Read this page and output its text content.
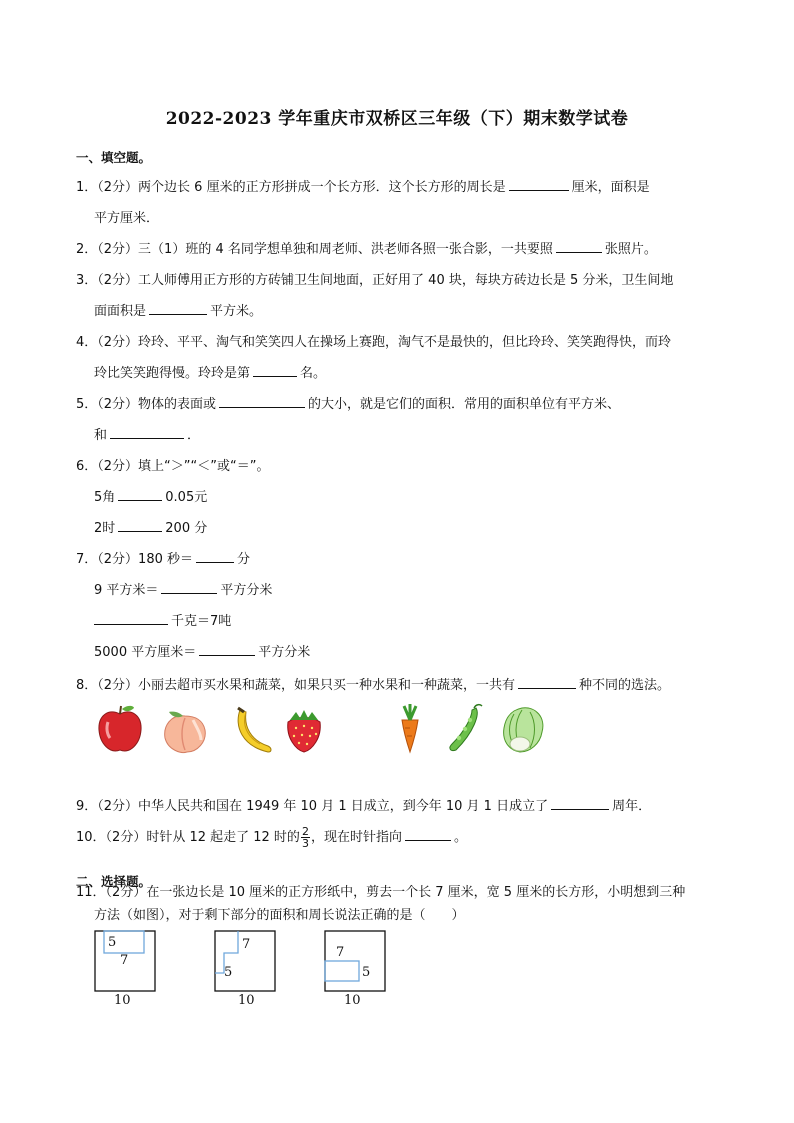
2022-2023 学年重庆市双桥区三年级（下）期末数学试卷
一、填空题。
1．（2分）两个边长 6 厘米的正方形拼成一个长方形．这个长方形的周长是	厘米，面积是
平方厘米．
2．（2分）三（1）班的 4 名同学想单独和周老师、洪老师各照一张合影，一共要照	张照片。
3．（2分）工人师傅用正方形的方砖铺卫生间地面，正好用了 40 块，每块方砖边长是 5 分米，卫生间地
面面积是	平方米。
4．（2分）玲玲、平平、淘气和笑笑四人在操场上赛跑，淘气不是最快的，但比玲玲、笑笑跑得快，而玲
玲比笑笑跑得慢。玲玲是第	名。
5．（2分）物体的表面或	的大小，就是它们的面积．常用的面积单位有平方米、
和	．
6．（2分）填上“＞”“＜”或“＝”。
5角	0.05元
2时	200 分
7．（2分）180 秒＝	分
9 平方米＝	平方分米
千克＝7吨
5000 平方厘米＝	平方分米
8．（2分）小丽去超市买水果和蔬菜，如果只买一种水果和一种蔬菜，一共有	种不同的选法。
9．（2分）中华人民共和国在 1949 年 10 月 1 日成立，到今年 10 月 1 日成立了	周年．
10．（2分）时针从 12 起走了 12 时的 $\frac{2}{3}$ ，现在时针指向	。
二、选择题。
11．（2分）在一张边长是 10 厘米的正方形纸中，剪去一个长 7 厘米，宽 5 厘米的长方形，小明想到三种
方法（如图），对于剩下部分的面积和周长说法正确的是（　　）
5
7
10
7
5
10
7
5
10
